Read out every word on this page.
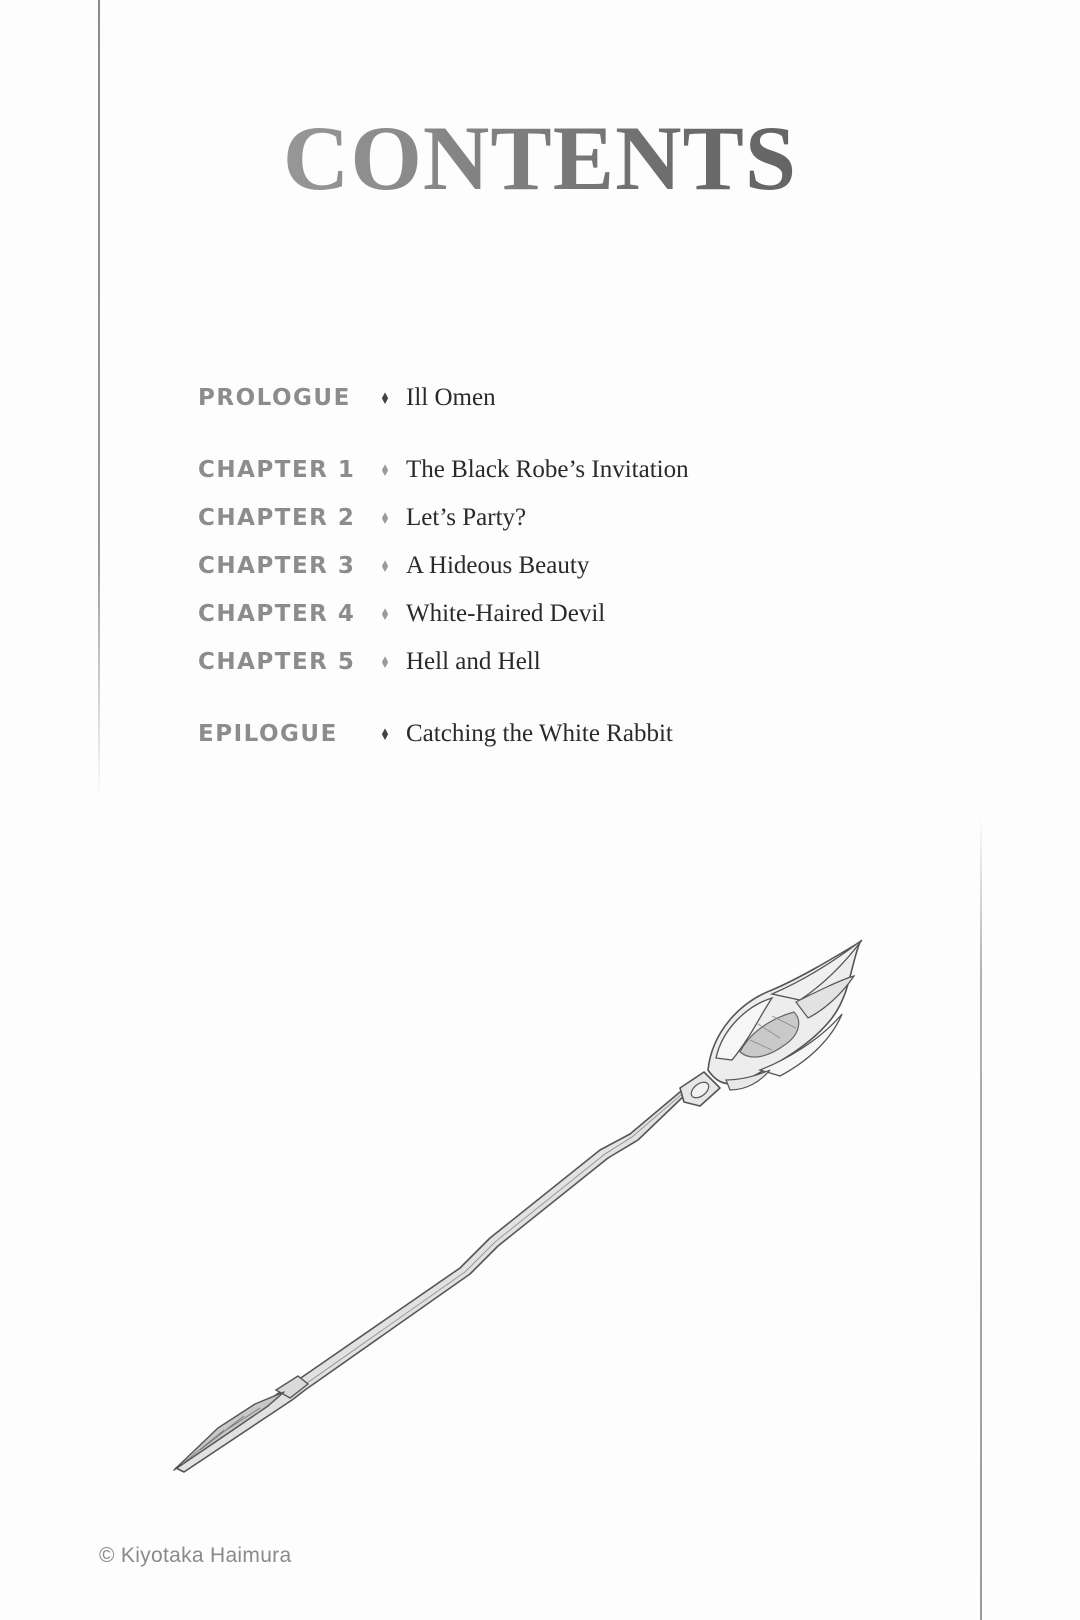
CONTENTS
PROLOGUE	♦ Ill Omen
CHAPTER 1	♦ The Black Robe’s Invitation
CHAPTER 2	♦ Let’s Party?
CHAPTER 3	♦ A Hideous Beauty
CHAPTER 4	♦ White-Haired Devil
CHAPTER 5	♦ Hell and Hell
EPILOGUE	♦ Catching the White Rabbit
© Kiyotaka Haimura
